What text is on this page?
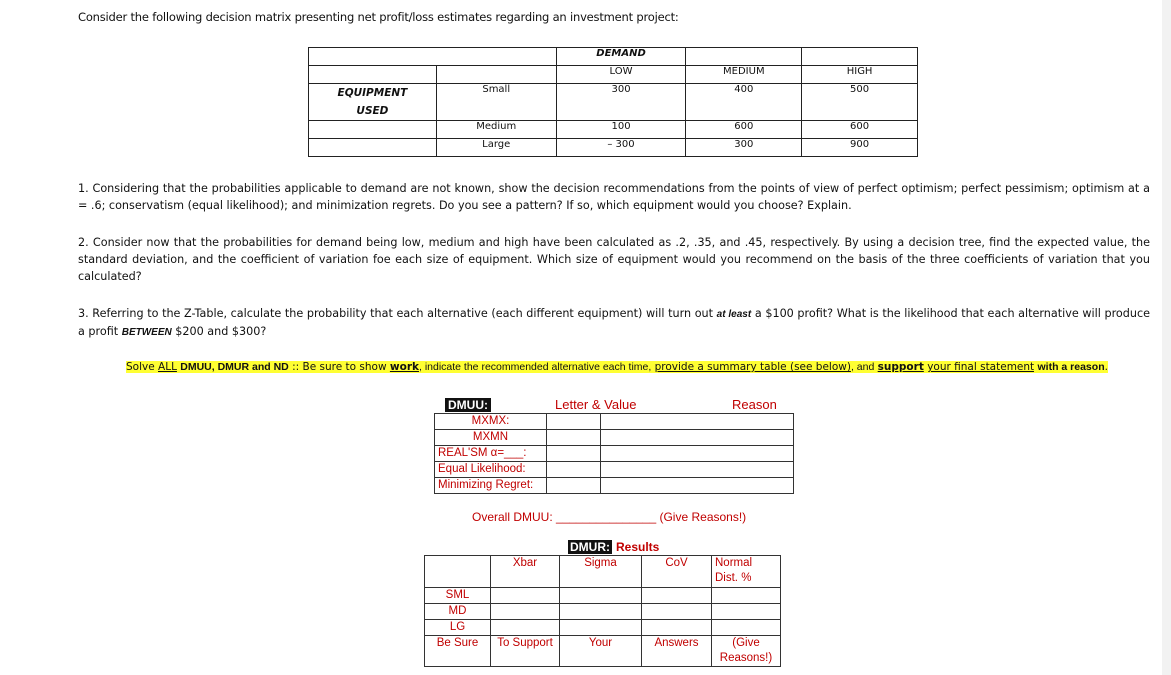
Consider the following decision matrix presenting net profit/loss estimates regarding an investment project:
		DEMAND		
		LOW	MEDIUM	HIGH
EQUIPMENT
USED	Small	300	400	500
	Medium	100	600	600
	Large	– 300	300	900
1. Considering that the probabilities applicable to demand are not known, show the decision recommendations from the points of view of perfect optimism; perfect pessimism; optimism at a = .6; conservatism (equal likelihood); and minimization regrets. Do you see a pattern? If so, which equipment would you choose? Explain.
2. Consider now that the probabilities for demand being low, medium and high have been calculated as .2, .35, and .45, respectively. By using a decision tree, find the expected value, the standard deviation, and the coefficient of variation foe each size of equipment. Which size of equipment would you recommend on the basis of the three coefficients of variation that you calculated?
3. Referring to the Z-Table, calculate the probability that each alternative (each different equipment) will turn out at least a $100 profit? What is the likelihood that each alternative will produce a profit BETWEEN $200 and $300?
Solve ALL DMUU, DMUR and ND :: Be sure to show work, indicate the recommended alternative each time, provide a summary table (see below), and support your final statement with a reason.
DMUU:	Letter & Value	Reason
MXMX:		
MXMN		
REAL'SM α=___:		
Equal Likelihood:		
Minimizing Regret:		
Overall DMUU: _______________ (Give Reasons!)
DMUR: Results
	Xbar	Sigma	CoV	Normal Dist. %
SML				
MD				
LG				
Be Sure	To Support	Your	Answers	(Give Reasons!)
